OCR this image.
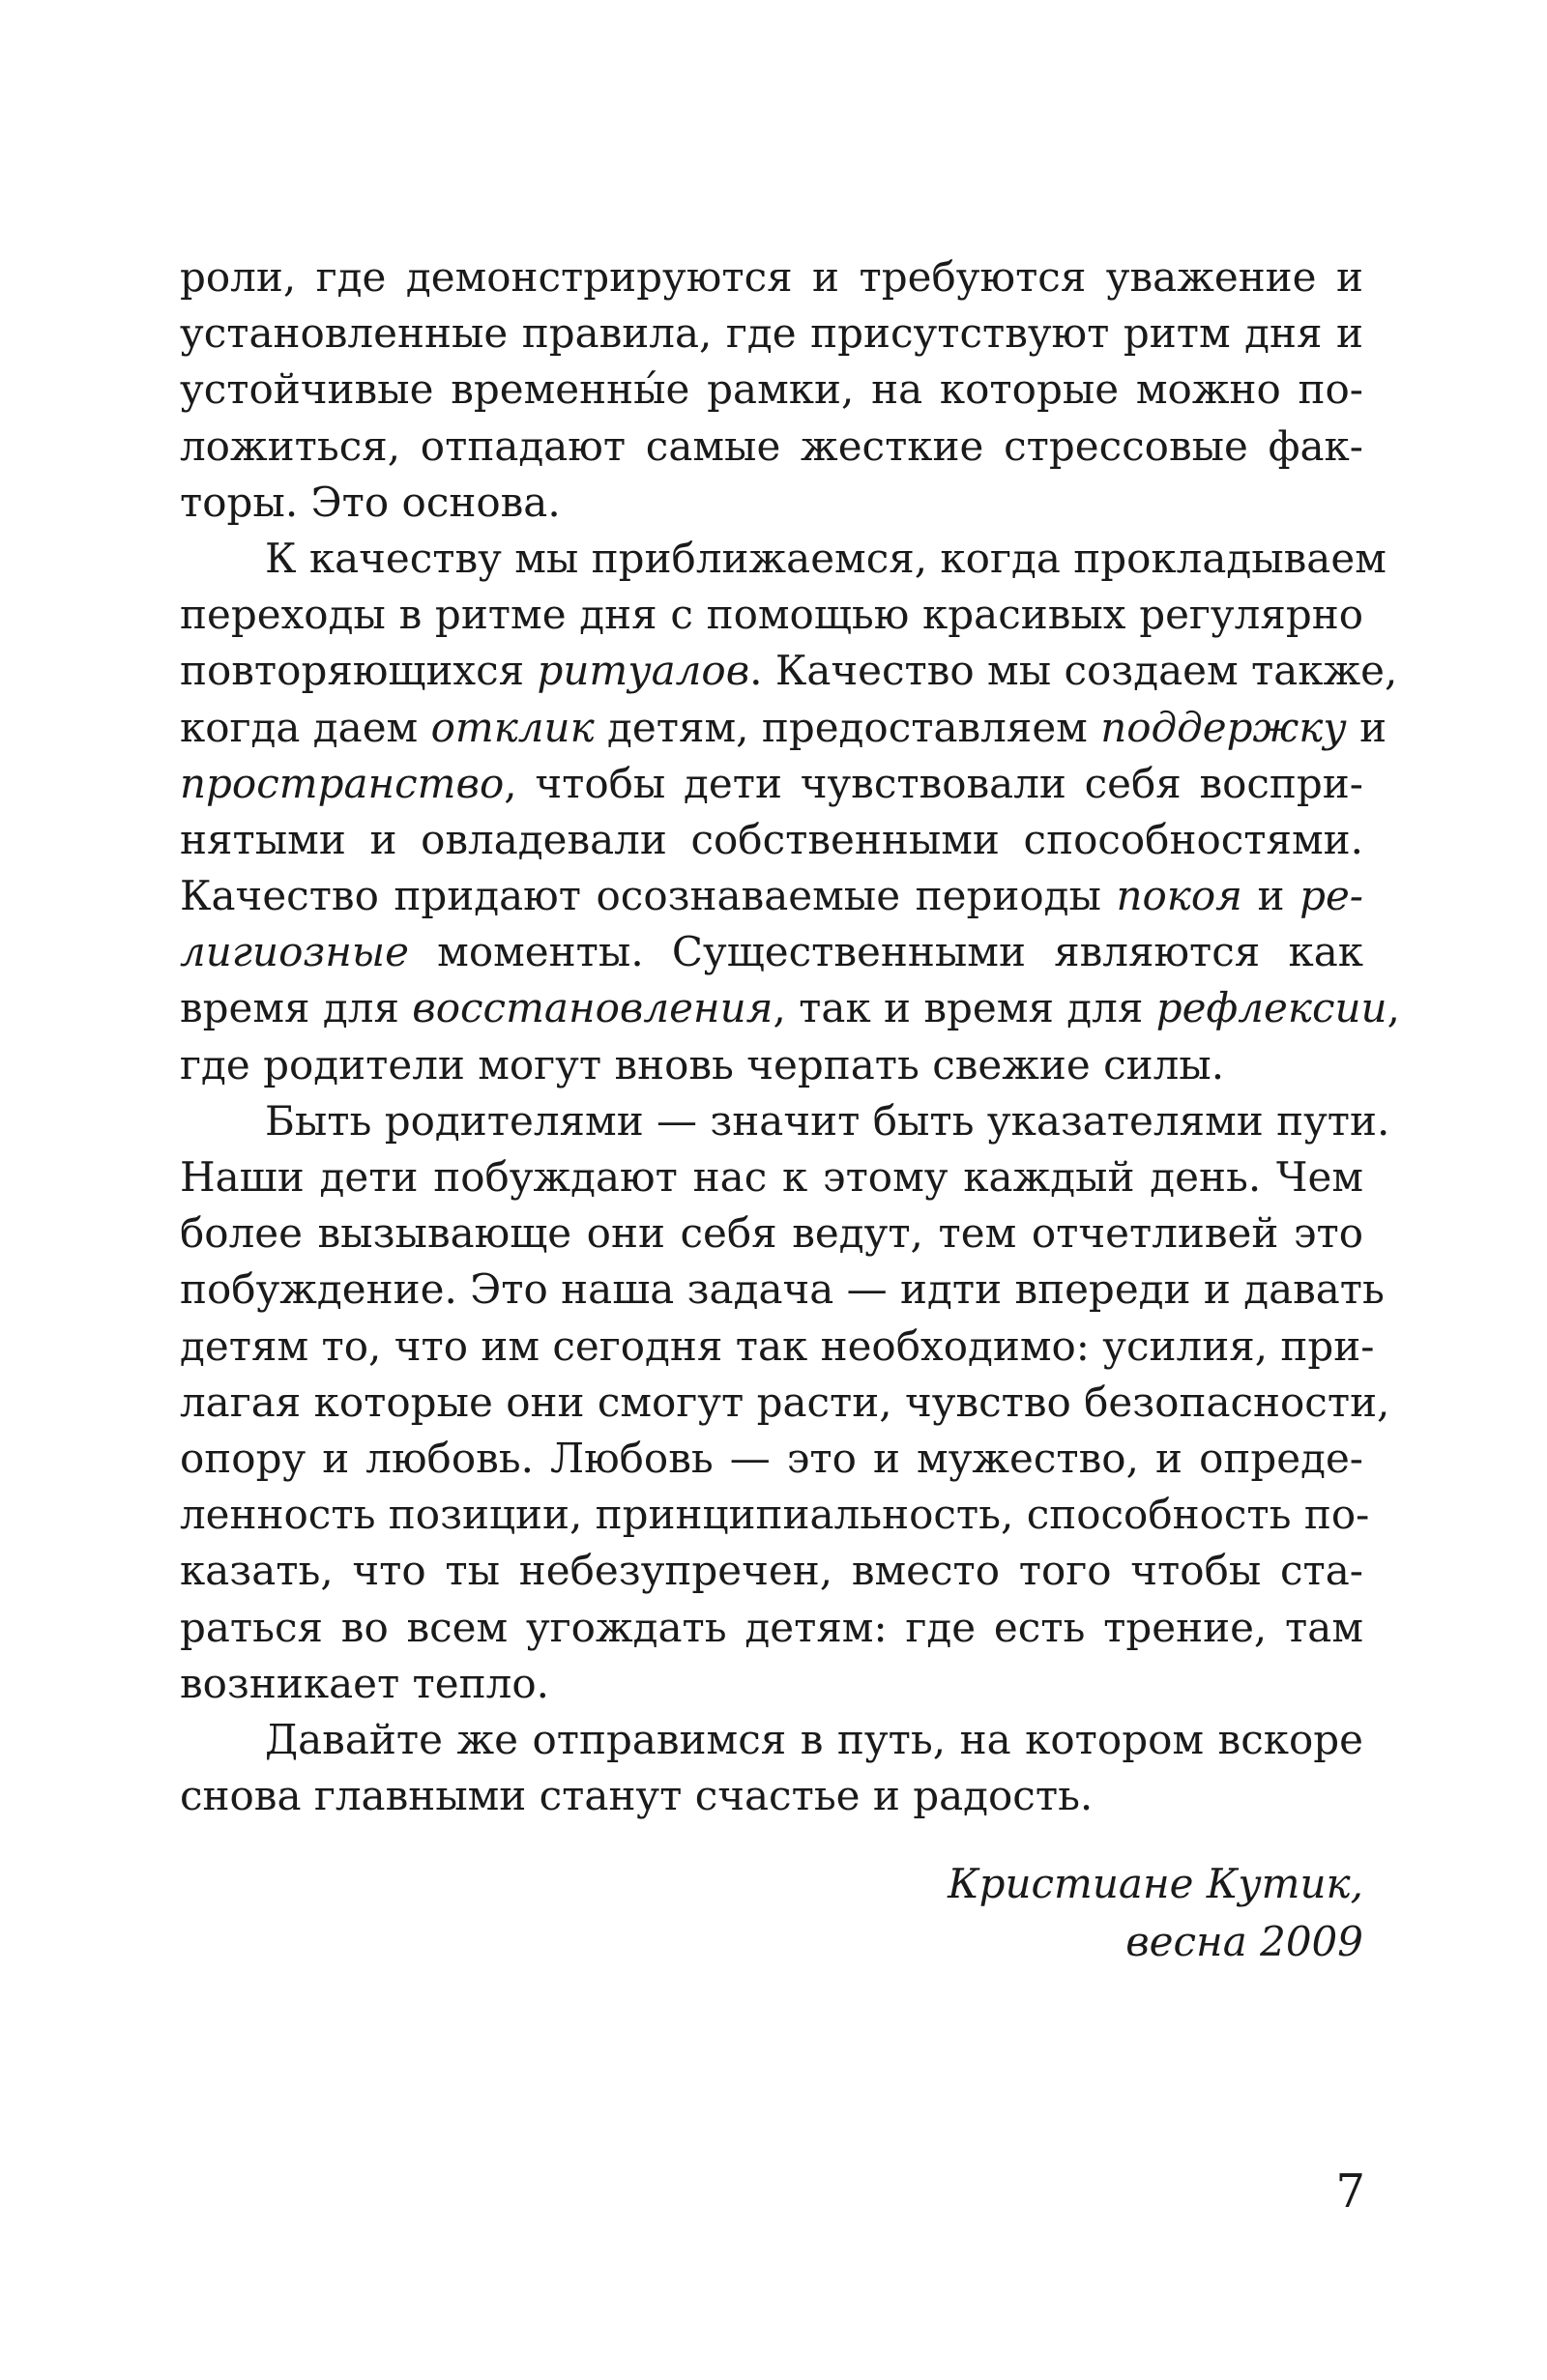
роли, где демонстрируются и требуются уважение и
установленные правила, где присутствуют ритм дня и
устойчивые временны́е рамки, на которые можно по-
ложиться, отпадают самые жесткие стрессовые фак-
торы. Это основа.
К качеству мы приближаемся, когда прокладываем
переходы в ритме дня с помощью красивых регулярно
повторяющихся ритуалов. Качество мы создаем также,
когда даем отклик детям, предоставляем поддержку и
пространство, чтобы дети чувствовали себя воспри-
нятыми и овладевали собственными способностями.
Качество придают осознаваемые периоды покоя и ре-
лигиозные моменты. Существенными являются как
время для восстановления, так и время для рефлексии,
где родители могут вновь черпать свежие силы.
Быть родителями — значит быть указателями пути.
Наши дети побуждают нас к этому каждый день. Чем
более вызывающе они себя ведут, тем отчетливей это
побуждение. Это наша задача — идти впереди и давать
детям то, что им сегодня так необходимо: усилия, при-
лагая которые они смогут расти, чувство безопасности,
опору и любовь. Любовь — это и мужество, и опреде-
ленность позиции, принципиальность, способность по-
казать, что ты небезупречен, вместо того чтобы ста-
раться во всем угождать детям: где есть трение, там
возникает тепло.
Давайте же отправимся в путь, на котором вскоре
снова главными станут счастье и радость.
Кристиане Кутик,
весна 2009
7
